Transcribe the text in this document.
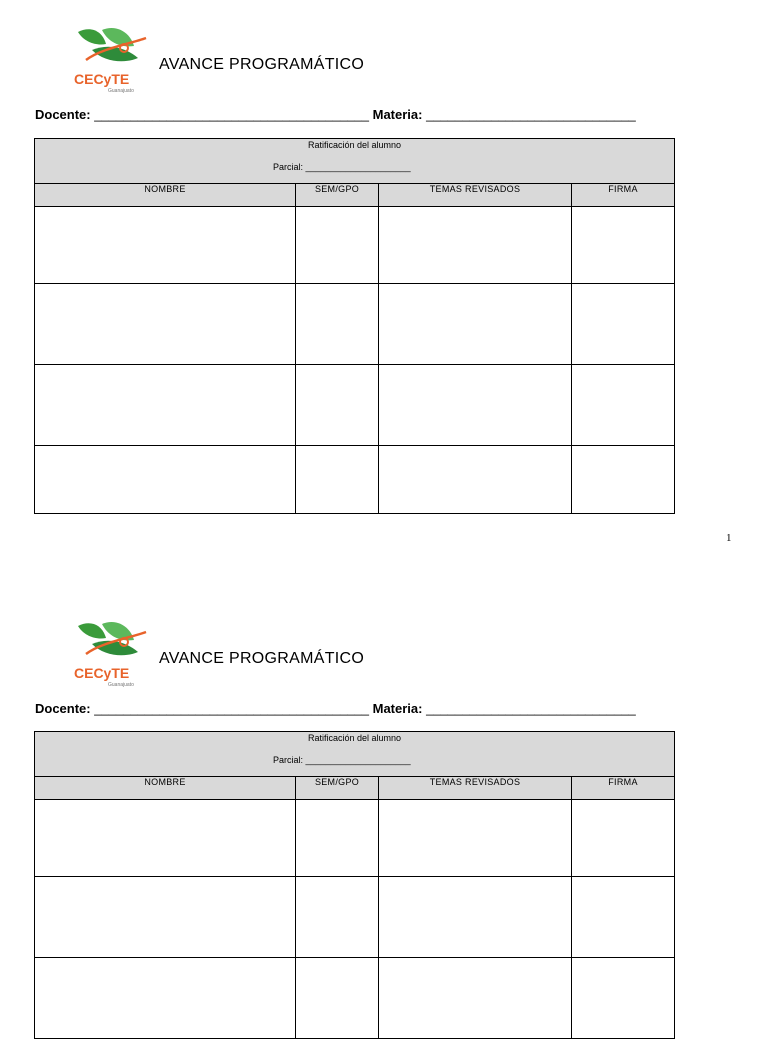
CECyTE
Guanajuato
AVANCE PROGRAMÁTICO
Docente: ______________________________________ Materia: _____________________________
Ratificación del alumno
Parcial: _____________________			

NOMBRE	SEM/GPO	TEMAS REVISADOS	FIRMA

1
CECyTE
Guanajuato
AVANCE PROGRAMÁTICO
Docente: ______________________________________ Materia: _____________________________
Ratificación del alumno
Parcial: _____________________			

NOMBRE	SEM/GPO	TEMAS REVISADOS	FIRMA
